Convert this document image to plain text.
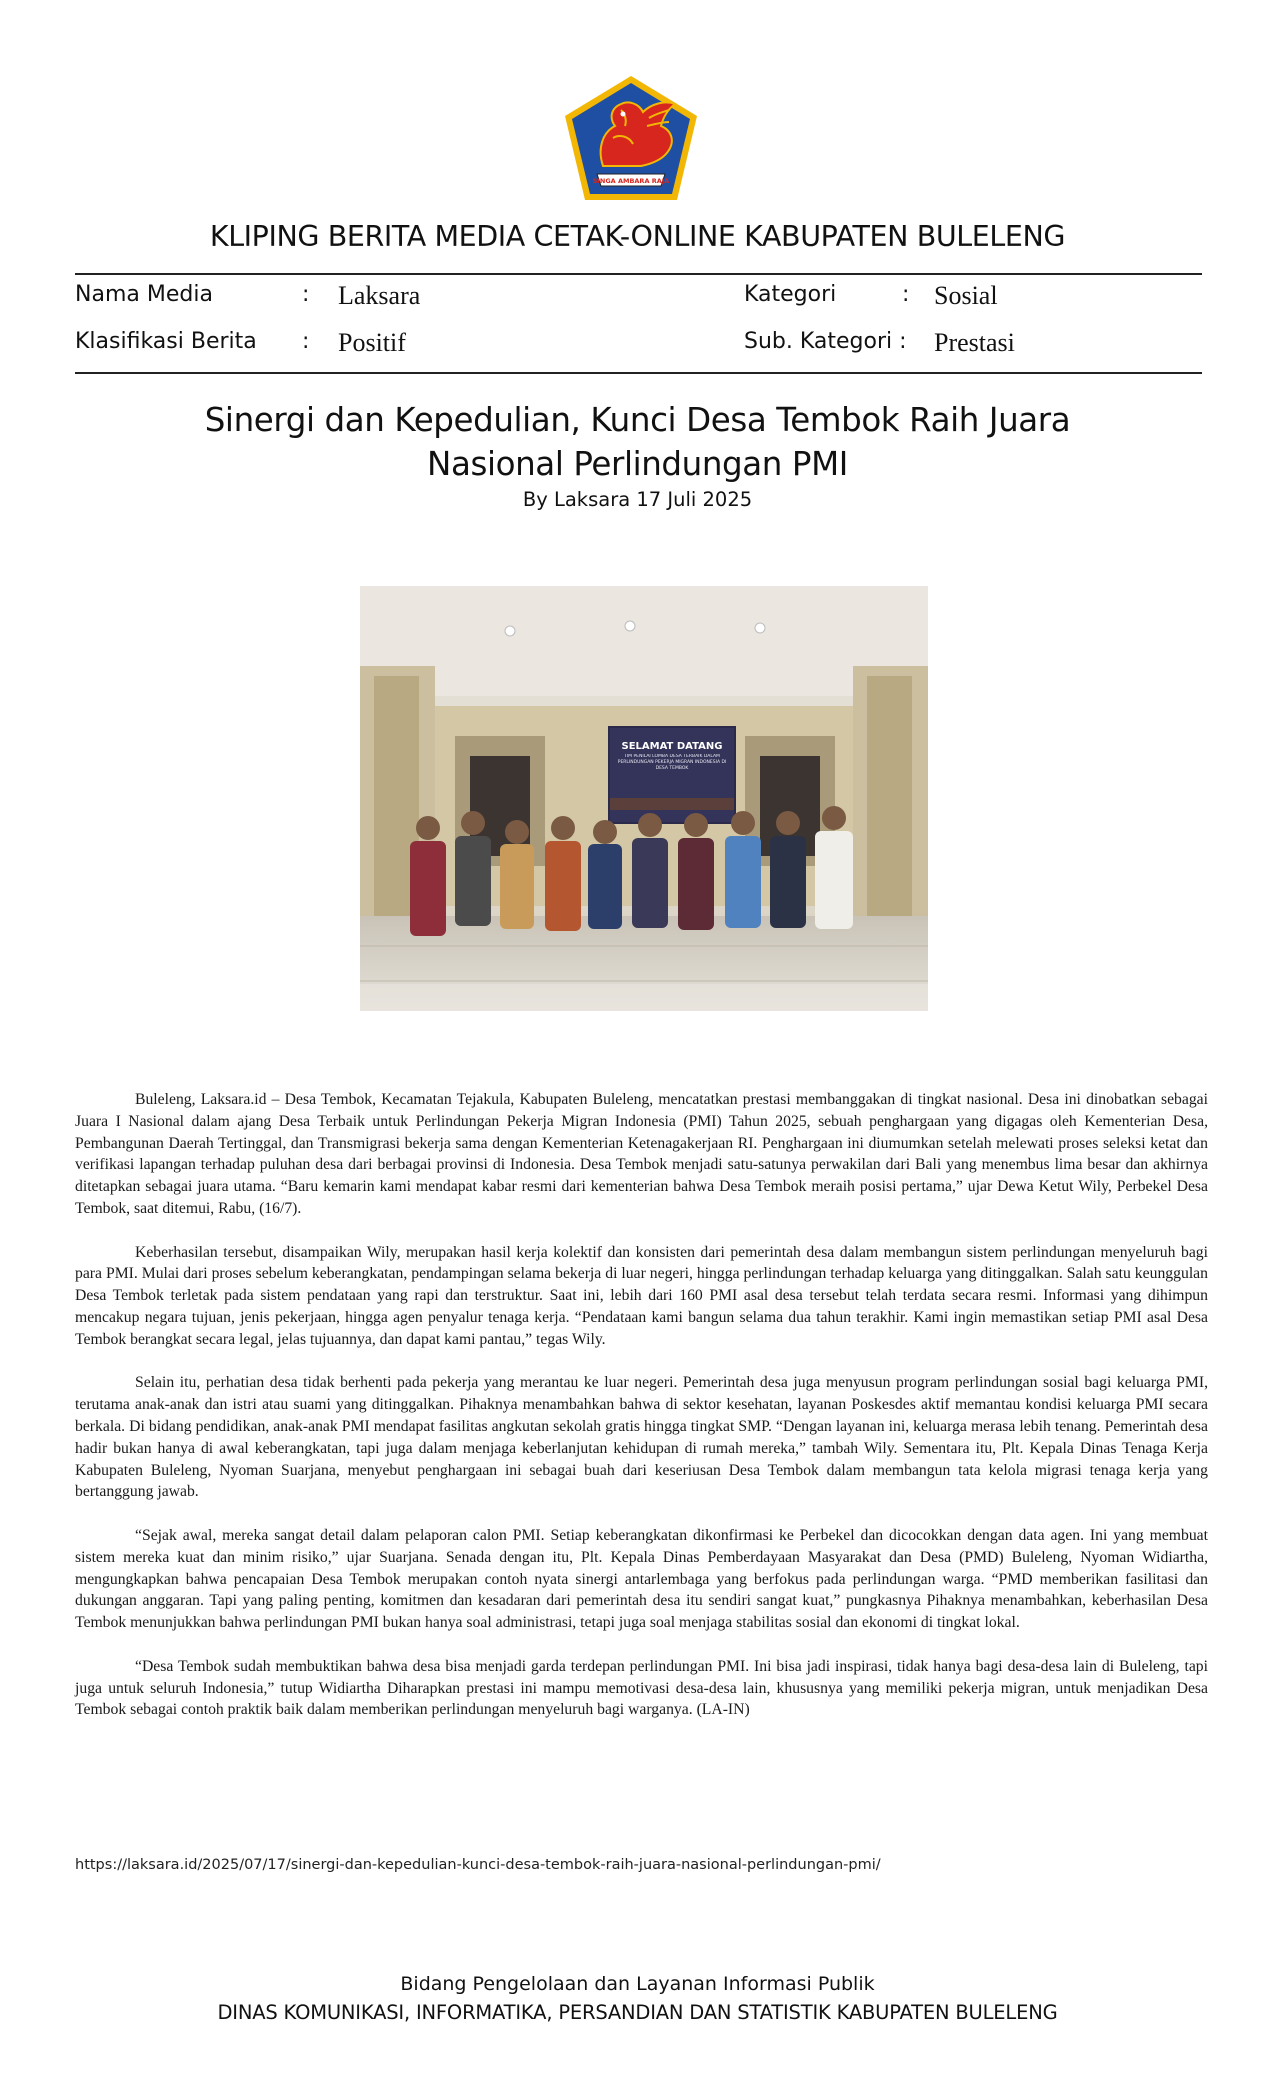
SINGA AMBARA RAJA
KLIPING BERITA MEDIA CETAK-ONLINE KABUPATEN BULELENG
Nama Media	: Laksara	Kategori	: Sosial
Klasifikasi Berita : Positif	Sub. Kategori : Prestasi
Sinergi dan Kepedulian, Kunci Desa Tembok Raih Juara
Nasional Perlindungan PMI
By Laksara 17 Juli 2025
SELAMAT DATANG
TIM PENILAI LOMBA DESA TERBAIK DALAM PERLINDUNGAN PEKERJA MIGRAN INDONESIA DI DESA TEMBOK

Buleleng, Laksara.id – Desa Tembok, Kecamatan Tejakula, Kabupaten Buleleng, mencatatkan prestasi membanggakan di tingkat nasional. Desa ini dinobatkan sebagai Juara I Nasional dalam ajang Desa Terbaik untuk Perlindungan Pekerja Migran Indonesia (PMI) Tahun 2025, sebuah penghargaan yang digagas oleh Kementerian Desa, Pembangunan Daerah Tertinggal, dan Transmigrasi bekerja sama dengan Kementerian Ketenagakerjaan RI. Penghargaan ini diumumkan setelah melewati proses seleksi ketat dan verifikasi lapangan terhadap puluhan desa dari berbagai provinsi di Indonesia. Desa Tembok menjadi satu-satunya perwakilan dari Bali yang menembus lima besar dan akhirnya ditetapkan sebagai juara utama. “Baru kemarin kami mendapat kabar resmi dari kementerian bahwa Desa Tembok meraih posisi pertama,” ujar Dewa Ketut Wily, Perbekel Desa Tembok, saat ditemui, Rabu, (16/7).

Keberhasilan tersebut, disampaikan Wily, merupakan hasil kerja kolektif dan konsisten dari pemerintah desa dalam membangun sistem perlindungan menyeluruh bagi para PMI. Mulai dari proses sebelum keberangkatan, pendampingan selama bekerja di luar negeri, hingga perlindungan terhadap keluarga yang ditinggalkan. Salah satu keunggulan Desa Tembok terletak pada sistem pendataan yang rapi dan terstruktur. Saat ini, lebih dari 160 PMI asal desa tersebut telah terdata secara resmi. Informasi yang dihimpun mencakup negara tujuan, jenis pekerjaan, hingga agen penyalur tenaga kerja. “Pendataan kami bangun selama dua tahun terakhir. Kami ingin memastikan setiap PMI asal Desa Tembok berangkat secara legal, jelas tujuannya, dan dapat kami pantau,” tegas Wily.

Selain itu, perhatian desa tidak berhenti pada pekerja yang merantau ke luar negeri. Pemerintah desa juga menyusun program perlindungan sosial bagi keluarga PMI, terutama anak-anak dan istri atau suami yang ditinggalkan. Pihaknya menambahkan bahwa di sektor kesehatan, layanan Poskesdes aktif memantau kondisi keluarga PMI secara berkala. Di bidang pendidikan, anak-anak PMI mendapat fasilitas angkutan sekolah gratis hingga tingkat SMP. “Dengan layanan ini, keluarga merasa lebih tenang. Pemerintah desa hadir bukan hanya di awal keberangkatan, tapi juga dalam menjaga keberlanjutan kehidupan di rumah mereka,” tambah Wily. Sementara itu, Plt. Kepala Dinas Tenaga Kerja Kabupaten Buleleng, Nyoman Suarjana, menyebut penghargaan ini sebagai buah dari keseriusan Desa Tembok dalam membangun tata kelola migrasi tenaga kerja yang bertanggung jawab.

“Sejak awal, mereka sangat detail dalam pelaporan calon PMI. Setiap keberangkatan dikonfirmasi ke Perbekel dan dicocokkan dengan data agen. Ini yang membuat sistem mereka kuat dan minim risiko,” ujar Suarjana. Senada dengan itu, Plt. Kepala Dinas Pemberdayaan Masyarakat dan Desa (PMD) Buleleng, Nyoman Widiartha, mengungkapkan bahwa pencapaian Desa Tembok merupakan contoh nyata sinergi antarlembaga yang berfokus pada perlindungan warga. “PMD memberikan fasilitasi dan dukungan anggaran. Tapi yang paling penting, komitmen dan kesadaran dari pemerintah desa itu sendiri sangat kuat,” pungkasnya Pihaknya menambahkan, keberhasilan Desa Tembok menunjukkan bahwa perlindungan PMI bukan hanya soal administrasi, tetapi juga soal menjaga stabilitas sosial dan ekonomi di tingkat lokal.

“Desa Tembok sudah membuktikan bahwa desa bisa menjadi garda terdepan perlindungan PMI. Ini bisa jadi inspirasi, tidak hanya bagi desa-desa lain di Buleleng, tapi juga untuk seluruh Indonesia,” tutup Widiartha Diharapkan prestasi ini mampu memotivasi desa-desa lain, khususnya yang memiliki pekerja migran, untuk menjadikan Desa Tembok sebagai contoh praktik baik dalam memberikan perlindungan menyeluruh bagi warganya. (LA-IN)

https://laksara.id/2025/07/17/sinergi-dan-kepedulian-kunci-desa-tembok-raih-juara-nasional-perlindungan-pmi/
Bidang Pengelolaan dan Layanan Informasi Publik
DINAS KOMUNIKASI, INFORMATIKA, PERSANDIAN DAN STATISTIK KABUPATEN BULELENG
